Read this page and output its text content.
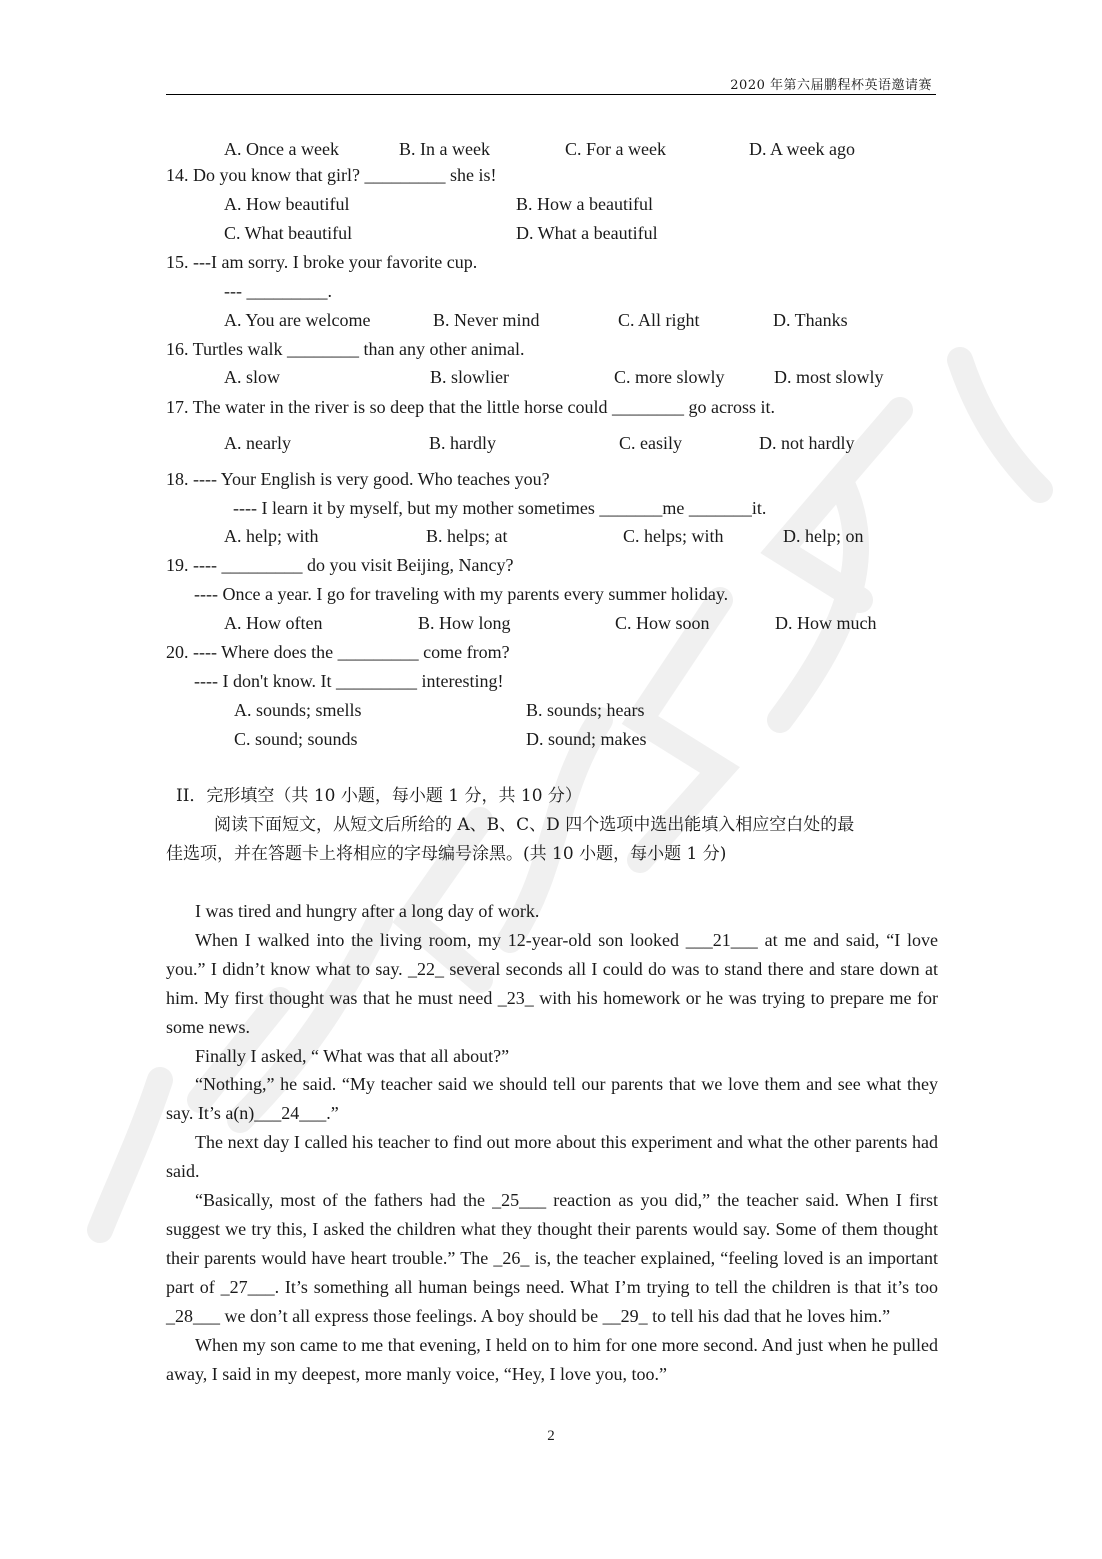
2020 年第六届鹏程杯英语邀请赛
A. Once a week	B. In a week	C. For a week	D. A week ago
14. Do you know that girl? _________ she is!
A. How beautiful	B. How a beautiful
C. What beautiful	D. What a beautiful
15. ---I am sorry. I broke your favorite cup.
--- _________.
A. You are welcome	B. Never mind	C. All right	D. Thanks
16. Turtles walk ________ than any other animal.
A. slow	B. slowlier	C. more slowly	D. most slowly
17. The water in the river is so deep that the little horse could ________ go across it.
A. nearly	B. hardly	C. easily	D. not hardly
18. ---- Your English is very good. Who teaches you?
---- I learn it by myself, but my mother sometimes _______me _______it.
A. help; with	B. helps; at	C. helps; with	D. help; on
19. ---- _________ do you visit Beijing, Nancy?
---- Once a year. I go for traveling with my parents every summer holiday.
A. How often	B. How long	C. How soon	D. How much
20. ---- Where does the _________ come from?
---- I don't know. It _________ interesting!
A. sounds; smells	B. sounds; hears
C. sound; sounds	D. sound; makes
II．完形填空（共 10 小题，每小题 1 分，共 10 分）
阅读下面短文，从短文后所给的 A、B、C、D 四个选项中选出能填入相应空白处的最
佳选项，并在答题卡上将相应的字母编号涂黑。(共 10 小题，每小题 1 分)

I was tired and hungry after a long day of work.

When I walked into the living room, my 12-year-old son looked ___21___ at me and said, “I love you.” I didn’t know what to say. _22_ several seconds all I could do was to stand there and stare down at him. My first thought was that he must need _23_ with his homework or he was trying to prepare me for some news.

Finally I asked, “ What was that all about?”

“Nothing,” he said. “My teacher said we should tell our parents that we love them and see what they say. It’s a(n)___24___.”

The next day I called his teacher to find out more about this experiment and what the other parents had said.

“Basically, most of the fathers had the _25___ reaction as you did,” the teacher said. When I first suggest we try this, I asked the children what they thought their parents would say. Some of them thought their parents would have heart trouble.” The _26_ is, the teacher explained, “feeling loved is an important part of _27___. It’s something all human beings need. What I’m trying to tell the children is that it’s too _28___ we don’t all express those feelings. A boy should be __29_ to tell his dad that he loves him.”

When my son came to me that evening, I held on to him for one more second. And just when he pulled away, I said in my deepest, more manly voice, “Hey, I love you, too.”

2
